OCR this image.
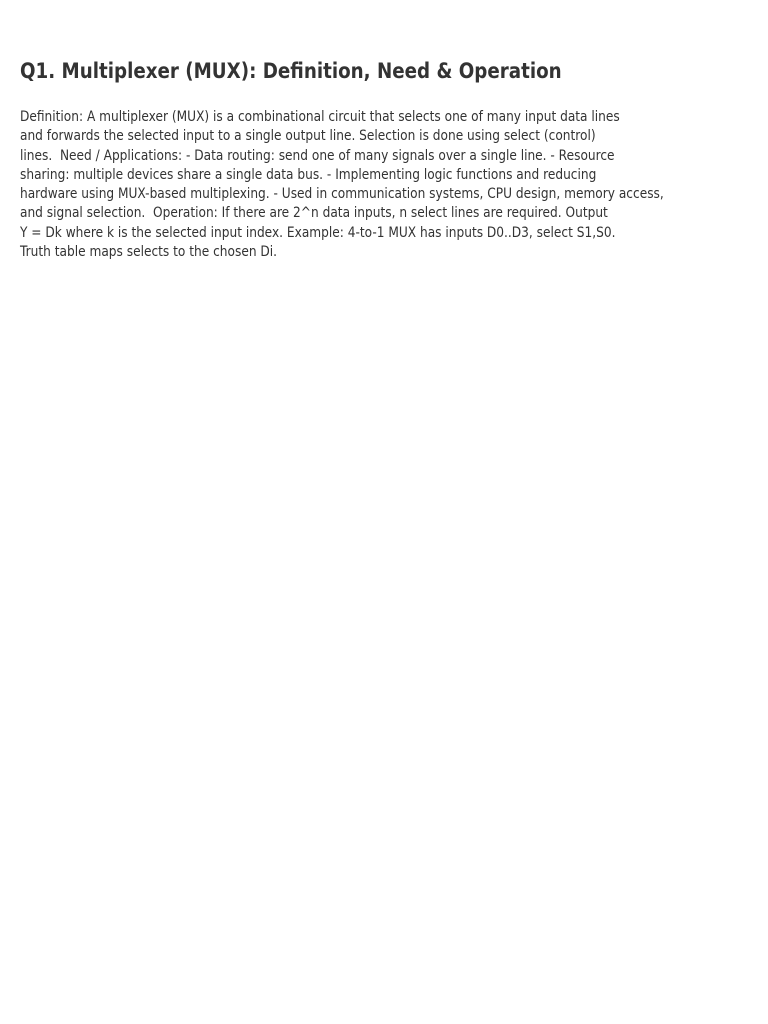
Q1. Multiplexer (MUX): Definition, Need & Operation
Definition: A multiplexer (MUX) is a combinational circuit that selects one of many input data lines
and forwards the selected input to a single output line. Selection is done using select (control)
lines.  Need / Applications: - Data routing: send one of many signals over a single line. - Resource
sharing: multiple devices share a single data bus. - Implementing logic functions and reducing
hardware using MUX-based multiplexing. - Used in communication systems, CPU design, memory access,
and signal selection.  Operation: If there are 2^n data inputs, n select lines are required. Output
Y = Dk where k is the selected input index. Example: 4-to-1 MUX has inputs D0..D3, select S1,S0.
Truth table maps selects to the chosen Di.
